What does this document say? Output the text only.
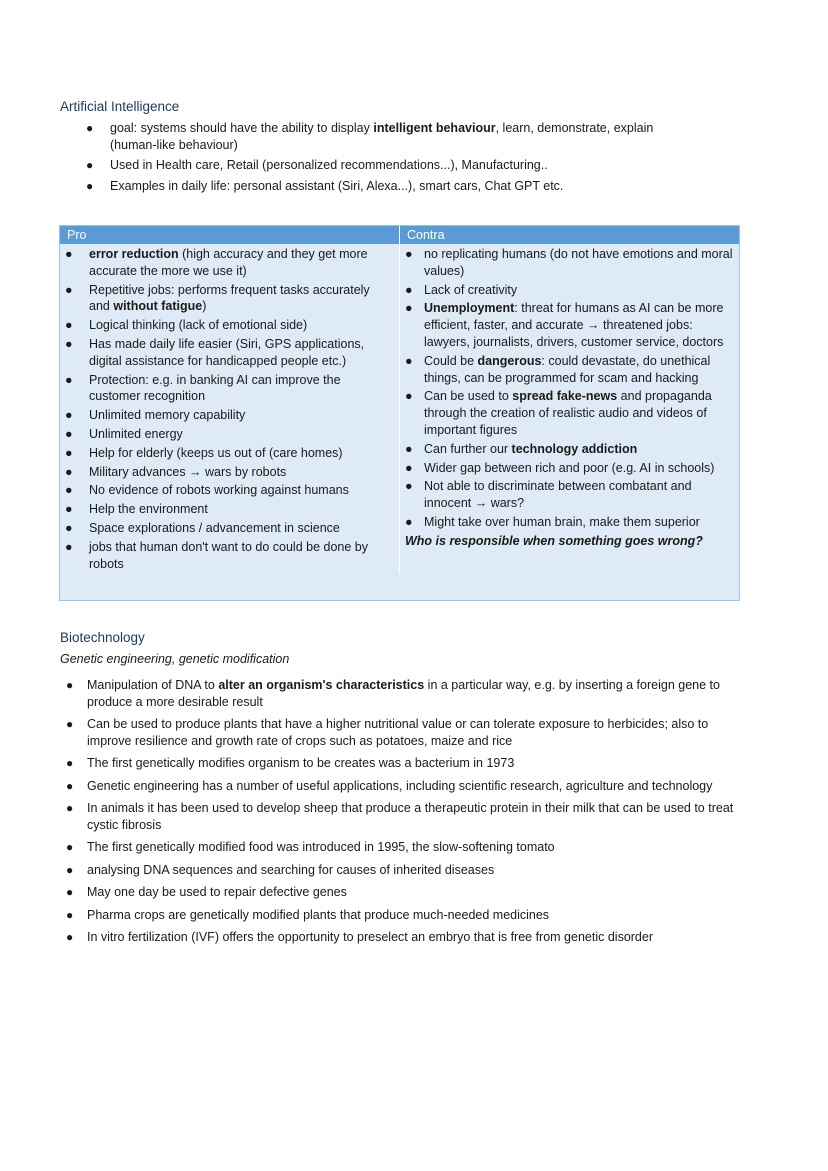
Artificial Intelligence
● goal: systems should have the ability to display intelligent behaviour, learn, demonstrate, explain (human-like behaviour)
● Used in Health care, Retail (personalized recommendations...), Manufacturing..
● Examples in daily life: personal assistant (Siri, Alexa...), smart cars, Chat GPT etc.
Pro	Contra
● error reduction (high accuracy and they get more accurate the more we use it)
● Repetitive jobs: performs frequent tasks accurately and without fatigue)
● Logical thinking (lack of emotional side)
● Has made daily life easier (Siri, GPS applications, digital assistance for handicapped people etc.)
● Protection: e.g. in banking AI can improve the customer recognition
● Unlimited memory capability
● Unlimited energy
● Help for elderly (keeps us out of (care homes)
● Military advances → wars by robots
● No evidence of robots working against humans
● Help the environment
● Space explorations / advancement in science
● jobs that human don't want to do could be done by robots
● no replicating humans (do not have emotions and moral values)
● Lack of creativity
● Unemployment: threat for humans as AI can be more efficient, faster, and accurate → threatened jobs: lawyers, journalists, drivers, customer service, doctors
● Could be dangerous: could devastate, do unethical things, can be programmed for scam and hacking
● Can be used to spread fake-news and propaganda through the creation of realistic audio and videos of important figures
● Can further our technology addiction
● Wider gap between rich and poor (e.g. AI in schools)
● Not able to discriminate between combatant and innocent → wars?
● Might take over human brain, make them superior
Who is responsible when something goes wrong?
Biotechnology

Genetic engineering, genetic modification

● Manipulation of DNA to alter an organism's characteristics in a particular way, e.g. by inserting a foreign gene to produce a more desirable result
● Can be used to produce plants that have a higher nutritional value or can tolerate exposure to herbicides; also to improve resilience and growth rate of crops such as potatoes, maize and rice
● The first genetically modifies organism to be creates was a bacterium in 1973
● Genetic engineering has a number of useful applications, including scientific research, agriculture and technology
● In animals it has been used to develop sheep that produce a therapeutic protein in their milk that can be used to treat cystic fibrosis
● The first genetically modified food was introduced in 1995, the slow-softening tomato
● analysing DNA sequences and searching for causes of inherited diseases
● May one day be used to repair defective genes
● Pharma crops are genetically modified plants that produce much-needed medicines
● In vitro fertilization (IVF) offers the opportunity to preselect an embryo that is free from genetic disorder
